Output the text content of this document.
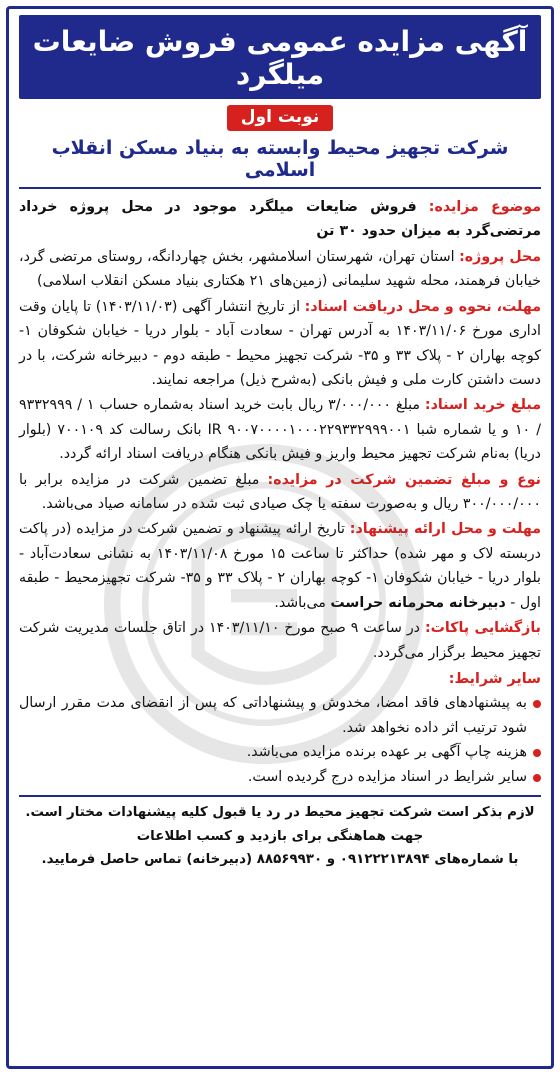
آگهی مزایده عمومی فروش ضایعات میلگرد
نوبت اول
شرکت تجهیز محیط وابسته به بنیاد مسکن انقلاب اسلامی

موضوع مزایده: فروش ضایعات میلگرد موجود در محل پروژه خرداد مرتضی‌گرد به میزان حدود ۳۰ تن

محل پروژه: استان تهران، شهرستان اسلامشهر، بخش چهاردانگه، روستای مرتضی گرد، خیابان فرهمند، محله شهید سلیمانی (زمین‌های ۲۱ هکتاری بنیاد مسکن انقلاب اسلامی)

مهلت، نحوه و محل دریافت اسناد: از تاریخ انتشار آگهی (۱۴۰۳/۱۱/۰۳) تا پایان وقت اداری مورخ ۱۴۰۳/۱۱/۰۶ به آدرس تهران - سعادت آباد - بلوار دریا - خیابان شکوفان ۱- کوچه بهاران ۲ - پلاک ۳۳ و ۳۵- شرکت تجهیز محیط - طبقه دوم - دبیرخانه شرکت، با در دست داشتن کارت ملی و فیش بانکی (به‌شرح ذیل) مراجعه نمایند.

مبلغ خرید اسناد: مبلغ ۳/۰۰۰/۰۰۰ ریال بابت خرید اسناد به‌شماره حساب ۱ / ۹۳۳۲۹۹۹ / ۱۰ و یا شماره شبا IR ۹۰۰۷۰۰۰۰۱۰۰۰۲۲۹۳۳۲۹۹۹۰۰۱ بانک رسالت کد ۷۰۰۱۰۹ (بلوار دریا) به‌نام شرکت تجهیز محیط واریز و فیش بانکی هنگام دریافت اسناد ارائه گردد.

نوع و مبلغ تضمین شرکت در مزایده: مبلغ تضمین شرکت در مزایده برابر با ۳۰۰/۰۰۰/۰۰۰ ریال و به‌صورت سفته یا چک صیادی ثبت شده در سامانه صیاد می‌باشد.

مهلت و محل ارائه پیشنهاد: تاریخ ارائه پیشنهاد و تضمین شرکت در مزایده (در پاکت دربسته لاک و مهر شده) حداکثر تا ساعت ۱۵ مورخ ۱۴۰۳/۱۱/۰۸ به نشانی سعادت‌آباد - بلوار دریا - خیابان شکوفان ۱- کوچه بهاران ۲ - پلاک ۳۳ و ۳۵- شرکت تجهیزمحیط - طبقه اول - دبیرخانه محرمانه حراست می‌باشد.

بازگشایی پاکات: در ساعت ۹ صبح مورخ ۱۴۰۳/۱۱/۱۰ در اتاق جلسات مدیریت شرکت تجهیز محیط برگزار می‌گردد.

سایر شرایط:

به پیشنهادهای فاقد امضا، مخدوش و پیشنهاداتی که پس از انقضای مدت مقرر ارسال شود ترتیب اثر داده نخواهد شد.

هزینه چاپ آگهی بر عهده برنده مزایده می‌باشد.

سایر شرایط در اسناد مزایده درج گردیده است.

لازم بذکر است شرکت تجهیز محیط در رد یا قبول کلیه پیشنهادات مختار است.

جهت هماهنگی برای بازدید و کسب اطلاعات

با شماره‌های ۰۹۱۲۲۲۱۳۸۹۴ و ۸۸۵۶۹۹۳۰ (دبیرخانه) تماس حاصل فرمایید.
